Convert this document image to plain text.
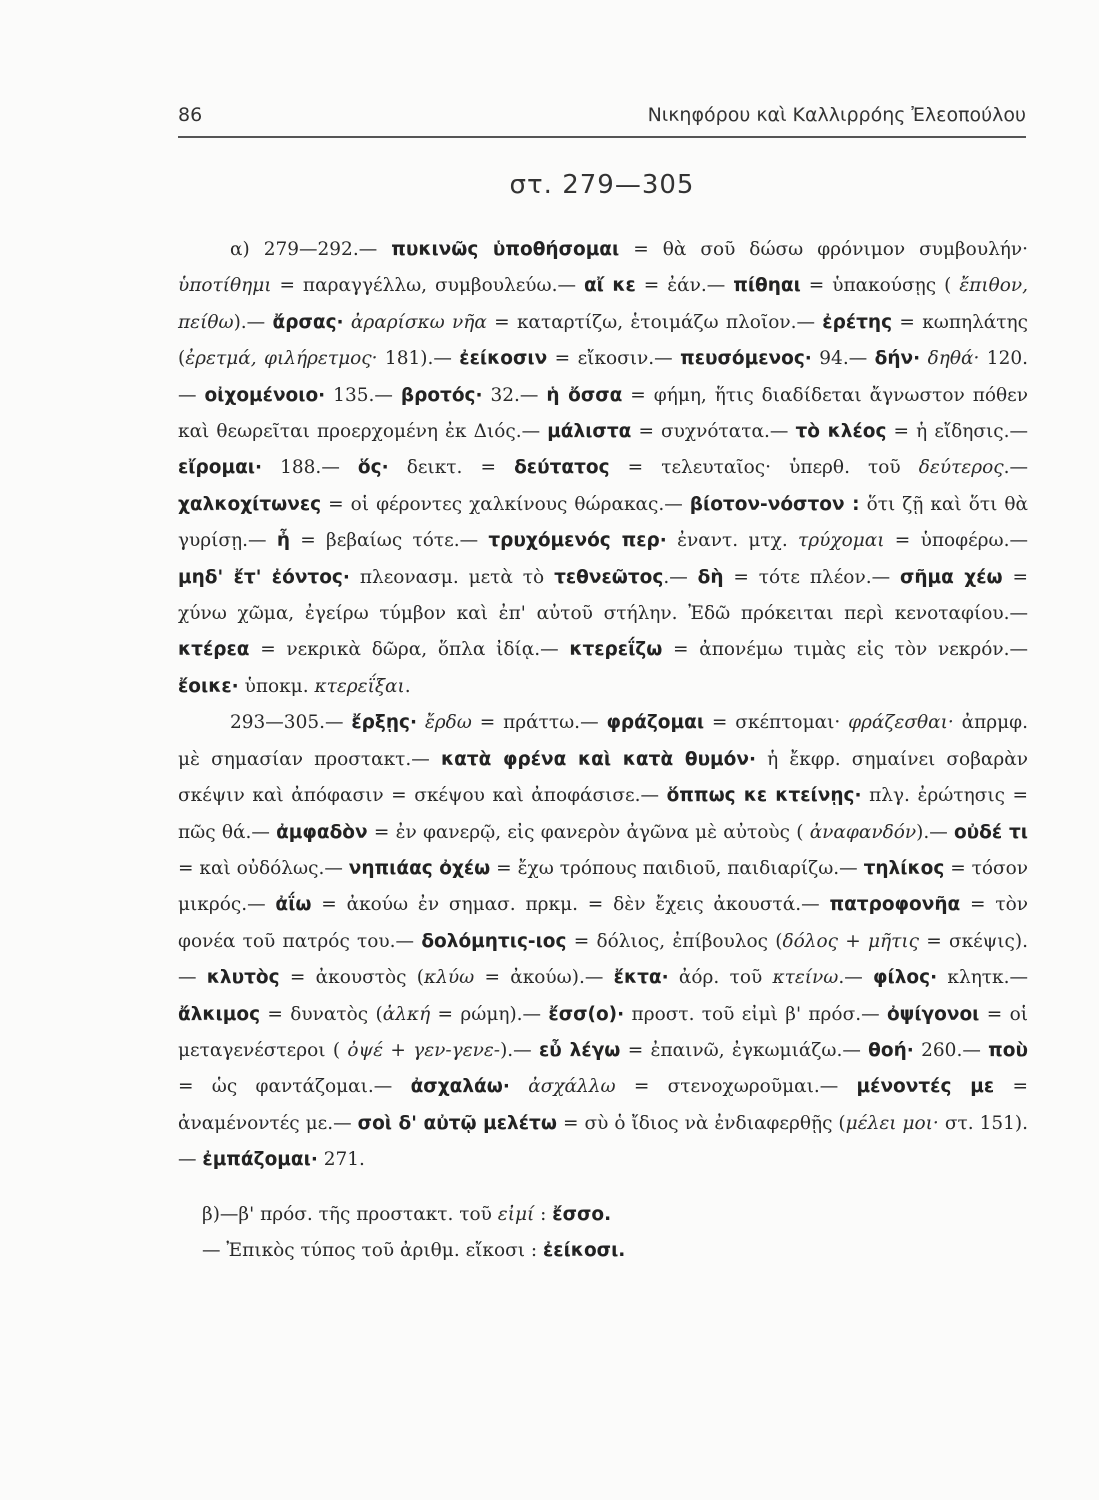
86	Νικηφόρου καὶ Καλλιρρόης Ἐλεοπούλου
στ. 279—305

α) 279—292.— πυκινῶς ὑποθήσομαι = θὰ σοῦ δώσω φρόνιμον συμβουλήν· ὑποτίθημι = παραγγέλλω, συμβουλεύω.— αἴ κε = ἐάν.— πίθηαι = ὑπακούσῃς ( ἔπιθον, πείθω).— ἄρσας· ἀραρίσκω νῆα = καταρτίζω, ἑτοιμάζω πλοῖον.— ἐρέτης = κωπηλάτης (ἐρετμά, φιλήρετμος· 181).— ἐείκοσιν = εἴκοσιν.— πευσόμενος· 94.— δήν· δηθά· 120.— οἰχομένοιο· 135.— βροτός· 32.— ἡ ὄσσα = φήμη, ἥτις διαδίδεται ἄγνωστον πόθεν καὶ θεωρεῖται προερχομένη ἐκ Διός.— μάλιστα = συχνότατα.— τὸ κλέος = ἡ εἴδησις.— εἴρομαι· 188.— ὅς· δεικτ. = δεύτατος = τελευταῖος· ὑπερθ. τοῦ δεύτερος.— χαλκοχίτωνες = οἱ φέροντες χαλκίνους θώρακας.— βίοτον-νόστον : ὅτι ζῇ καὶ ὅτι θὰ γυρίσῃ.— ἦ = βεβαίως τότε.— τρυχόμενός περ· ἐναντ. μτχ. τρύχομαι = ὑποφέρω.— μηδ' ἔτ' ἐόντος· πλεονασμ. μετὰ τὸ τεθνεῶτος.— δὴ = τότε πλέον.— σῆμα χέω = χύνω χῶμα, ἐγείρω τύμβον καὶ ἐπ' αὐτοῦ στήλην. Ἐδῶ πρόκειται περὶ κενοταφίου.— κτέρεα = νεκρικὰ δῶρα, ὅπλα ἰδίᾳ.— κτερεΐζω = ἀπονέμω τιμὰς εἰς τὸν νεκρόν.— ἔοικε· ὑποκμ. κτερεΐξαι.

293—305.— ἔρξῃς· ἔρδω = πράττω.— φράζομαι = σκέπτομαι· φράζεσθαι· ἀπρμφ. μὲ σημασίαν προστακτ.— κατὰ φρένα καὶ κατὰ θυμόν· ἡ ἔκφρ. σημαίνει σοβαρὰν σκέψιν καὶ ἀπόφασιν = σκέψου καὶ ἀποφάσισε.— ὅππως κε κτείνῃς· πλγ. ἐρώτησις = πῶς θά.— ἀμφαδὸν = ἐν φανερῷ, εἰς φανερὸν ἀγῶνα μὲ αὐτοὺς ( ἀναφανδόν).— οὐδέ τι = καὶ οὐδόλως.— νηπιάας ὀχέω = ἔχω τρόπους παιδιοῦ, παιδιαρίζω.— τηλίκος = τόσον μικρός.— ἀΐω = ἀκούω ἐν σημασ. πρκμ. = δὲν ἔχεις ἀκουστά.— πατροφονῆα = τὸν φονέα τοῦ πατρός του.— δολόμητις-ιος = δόλιος, ἐπίβουλος (δόλος + μῆτις = σκέψις).— κλυτὸς = ἀκουστὸς (κλύω = ἀκούω).— ἔκτα· ἀόρ. τοῦ κτείνω.— φίλος· κλητκ.— ἄλκιμος = δυνατὸς (ἀλκή = ρώμη).— ἔσσ(ο)· προστ. τοῦ εἰμὶ β' πρόσ.— ὀψίγονοι = οἱ μεταγενέστεροι ( ὀψέ + γεν-γενε-).— εὖ λέγω = ἐπαινῶ, ἐγκωμιάζω.— θοή· 260.— ποὺ = ὡς φαντάζομαι.— ἀσχαλάω· ἀσχάλλω = στενοχωροῦμαι.— μένοντές με = ἀναμένοντές με.— σοὶ δ' αὐτῷ μελέτω = σὺ ὁ ἴδιος νὰ ἐνδιαφερθῇς (μέλει μοι· στ. 151).— ἐμπάζομαι· 271.

β)—β' πρόσ. τῆς προστακτ. τοῦ εἰμί : ἔσσο.
— Ἐπικὸς τύπος τοῦ ἀριθμ. εἴκοσι : ἐείκοσι.
